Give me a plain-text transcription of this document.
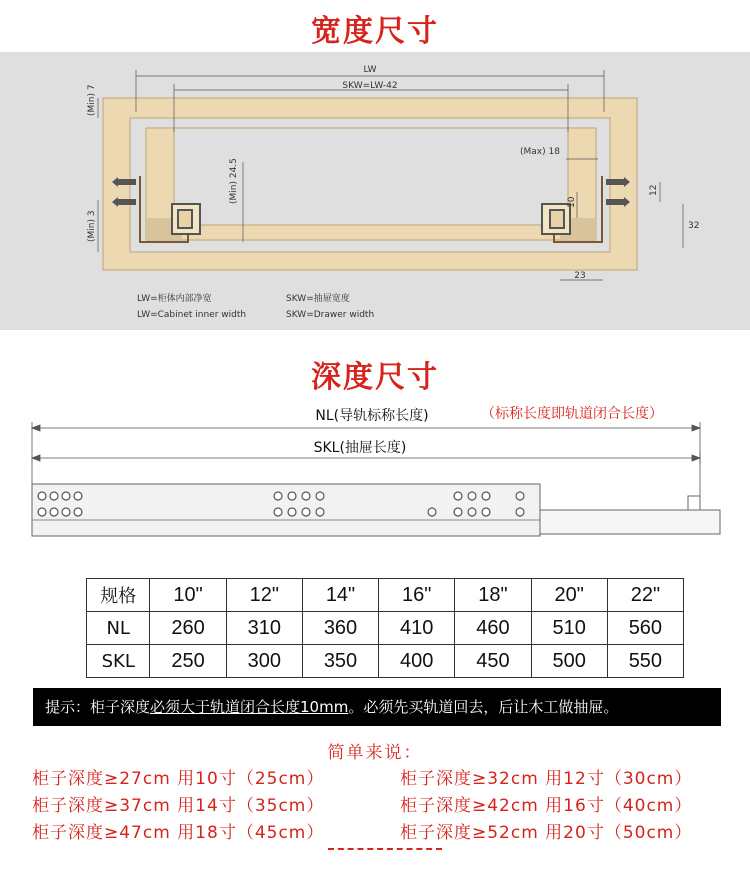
宽度尺寸
LW
SKW=LW-42
(Min) 7
(Min) 3
(Min) 24.5
(Max) 18
10
12
32
23
LW=柜体内部净宽
LW=Cabinet inner width
SKW=抽屉宽度
SKW=Drawer width
深度尺寸
NL(导轨标称长度)	（标称长度即轨道闭合长度）
SKL(抽屉长度)
规格	10"	12"	14"	16"	18"	20"	22"
NL	260	310	360	410	460	510	560
SKL	250	300	350	400	450	500	550
提示：柜子深度必须大于轨道闭合长度10mm。必须先买轨道回去，后让木工做抽屉。
简单来说：
柜子深度≥27cm 用10寸（25cm）	柜子深度≥32cm 用12寸（30cm）
柜子深度≥37cm 用14寸（35cm）	柜子深度≥42cm 用16寸（40cm）
柜子深度≥47cm 用18寸（45cm）	柜子深度≥52cm 用20寸（50cm）
